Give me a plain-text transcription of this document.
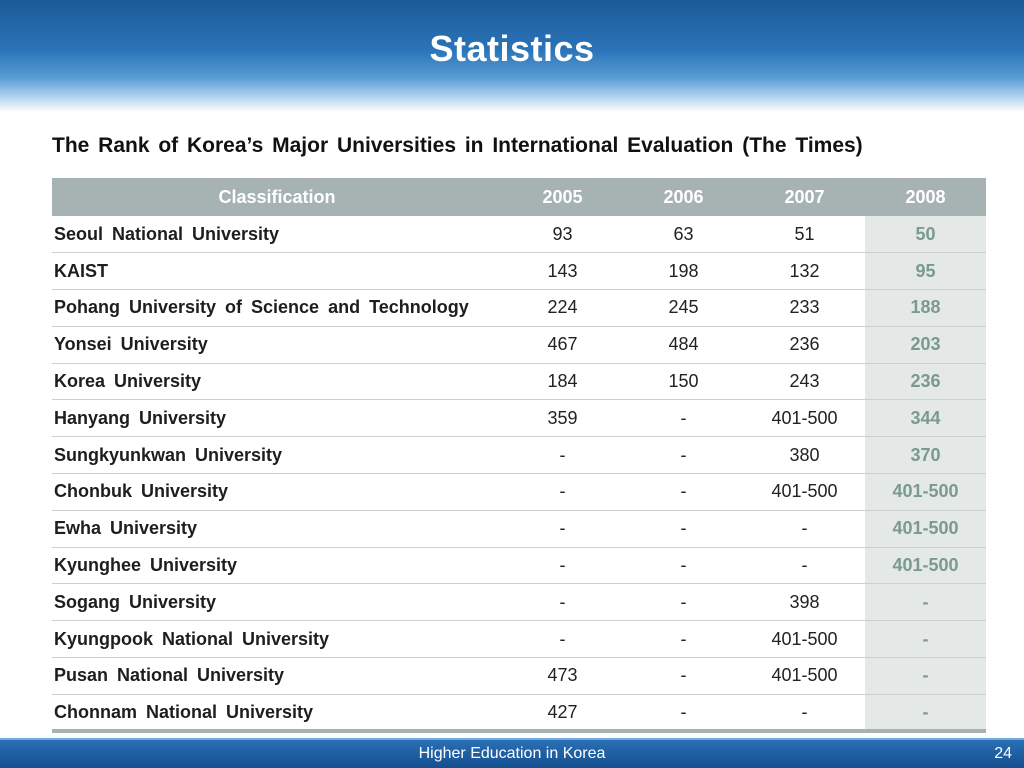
Statistics
The Rank of Korea’s Major Universities in International Evaluation (The Times)
Classification	2005	2006	2007	2008
Seoul National University	93	63	51	50
KAIST	143	198	132	95
Pohang University of Science and Technology	224	245	233	188
Yonsei University	467	484	236	203
Korea University	184	150	243	236
Hanyang University	359	-	401-500	344
Sungkyunkwan University	-	-	380	370
Chonbuk University	-	-	401-500	401-500
Ewha University	-	-	-	401-500
Kyunghee University	-	-	-	401-500
Sogang University	-	-	398	-
Kyungpook National University	-	-	401-500	-
Pusan National University	473	-	401-500	-
Chonnam National University	427	-	-	-
Higher Education in Korea	24
